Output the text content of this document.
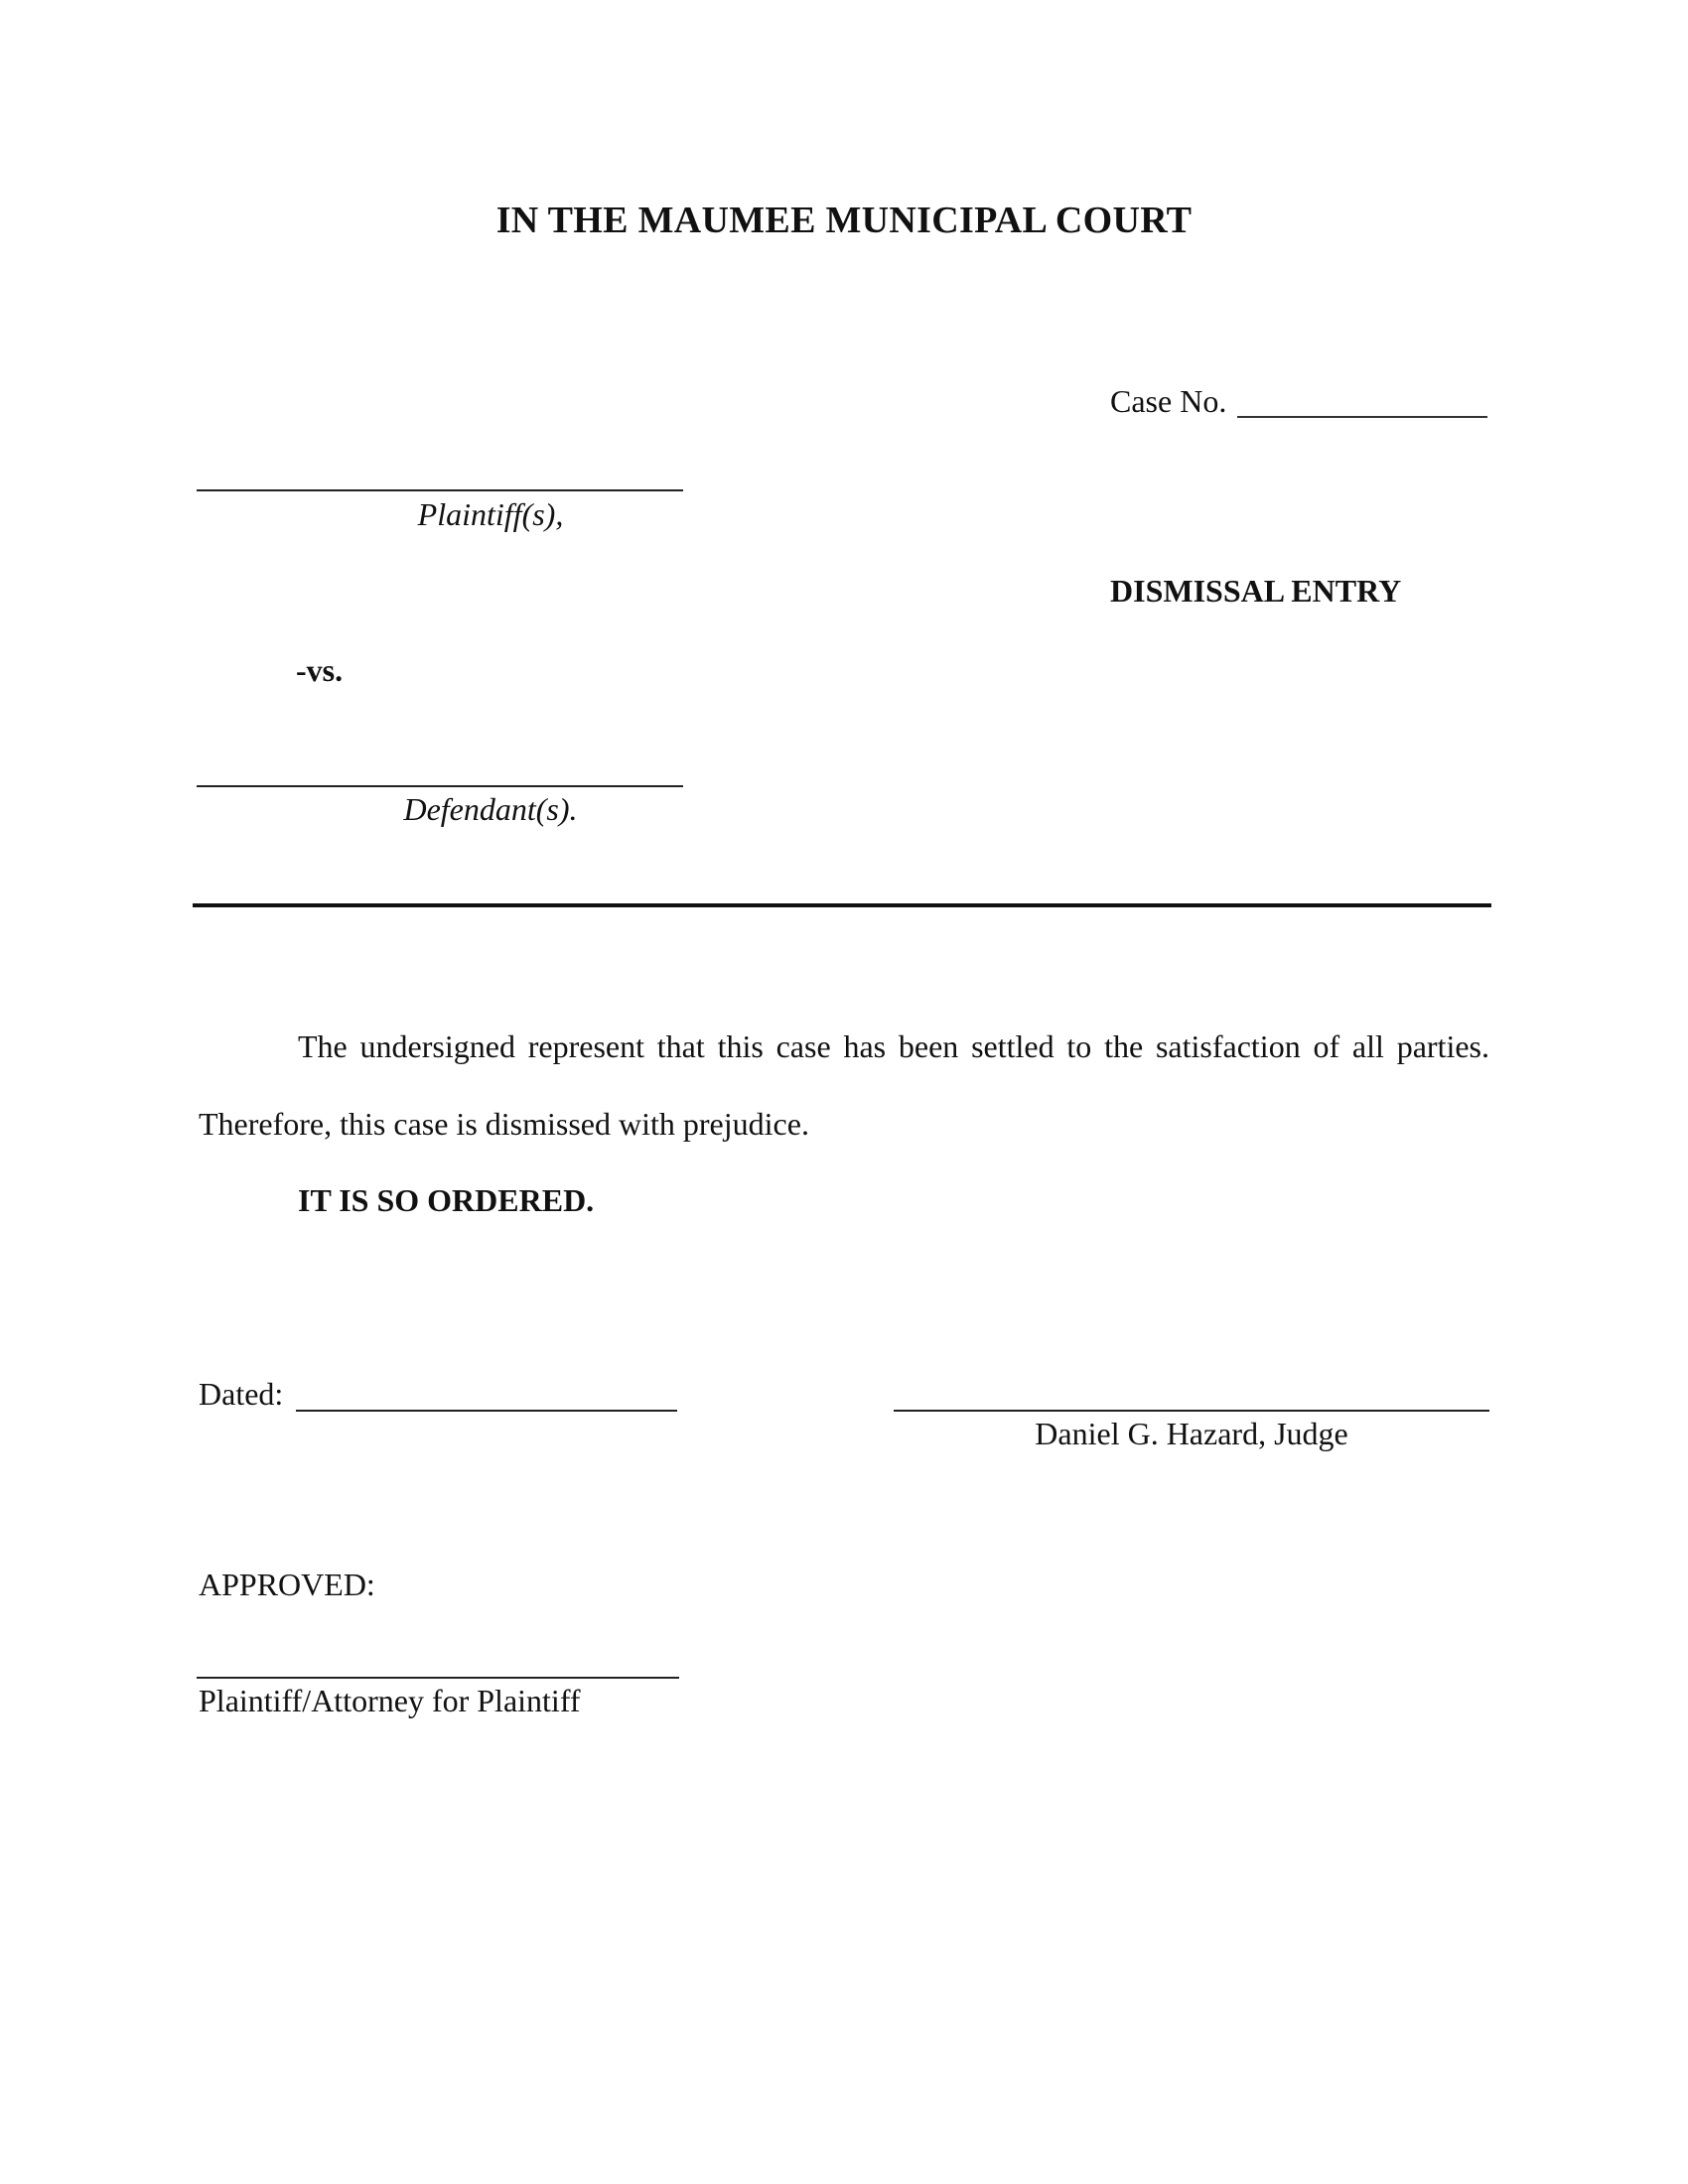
IN THE MAUMEE MUNICIPAL COURT
Case No.
Plaintiff(s),
DISMISSAL ENTRY
-vs.
Defendant(s).
The undersigned represent that this case has been settled to the satisfaction of all parties. Therefore, this case is dismissed with prejudice.
IT IS SO ORDERED.
Dated:
Daniel G. Hazard, Judge
APPROVED:
Plaintiff/Attorney for Plaintiff
